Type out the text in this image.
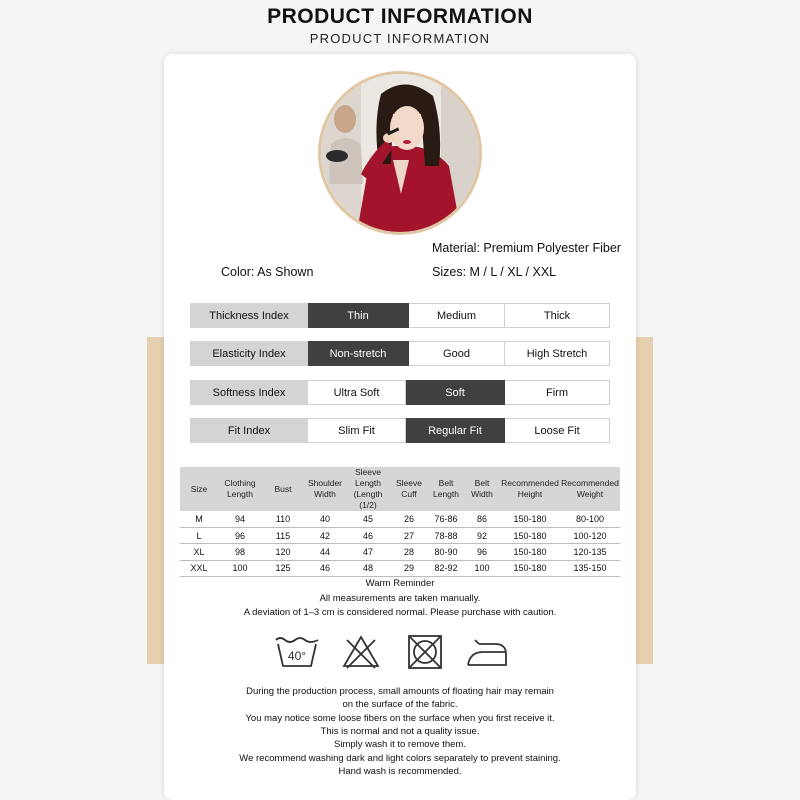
PRODUCT INFORMATION
PRODUCT INFORMATION
Material: Premium Polyester Fiber
Color: As Shown	Sizes: M / L / XL / XXL
Thickness Index	Thin	Medium	Thick
Elasticity Index	Non-stretch	Good	High Stretch
Softness Index	Ultra Soft	Soft	Firm
Fit Index	Slim Fit	Regular Fit	Loose Fit
Size	Clothing Length	Bust	Shoulder Width	Sleeve Length (Length (1/2)	Sleeve Cuff	Belt Length	Belt Width	Recommended Height	Recommended Weight
M	94	110	40	45	26	76-86	86	150-180	80-100
L	96	115	42	46	27	78-88	92	150-180	100-120
XL	98	120	44	47	28	80-90	96	150-180	120-135
XXL	100	125	46	48	29	82-92	100	150-180	135-150
Warm Reminder
All measurements are taken manually.
A deviation of 1–3 cm is considered normal. Please purchase with caution.
40°
During the production process, small amounts of floating hair may remain
on the surface of the fabric.
You may notice some loose fibers on the surface when you first receive it.
This is normal and not a quality issue.
Simply wash it to remove them.
We recommend washing dark and light colors separately to prevent staining.
Hand wash is recommended.
